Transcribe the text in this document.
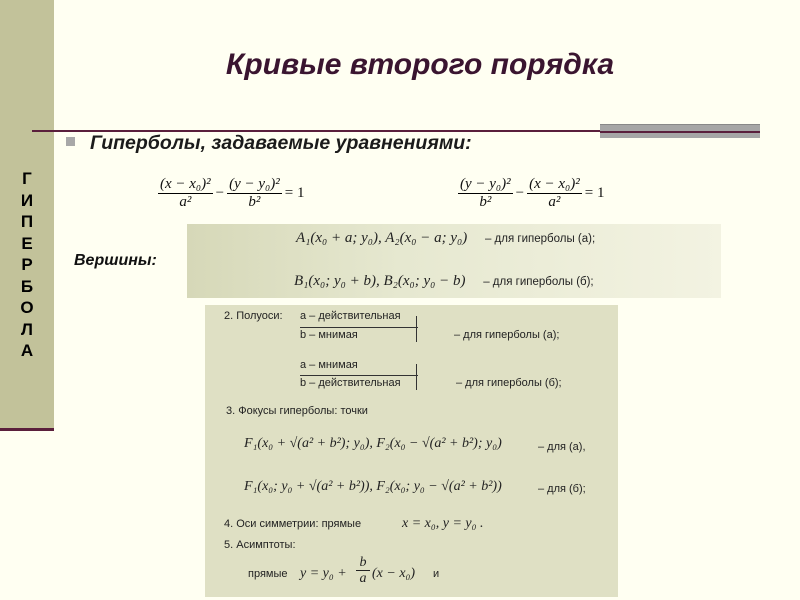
Г
И
П
Е
Р
Б
О
Л
А
Кривые второго порядка
Гиперболы, задаваемые уравнениями:
$\frac{\text{(x − x₀)²}}{\text{a²}} - \frac{\text{(y − y₀)²}}{\text{b²}} = 1$	$\frac{\text{(y − y₀)²}}{\text{b²}} - \frac{\text{(x − x₀)²}}{\text{a²}} = 1$
Вершины:
A₁(x₀ + a; y₀), A₂(x₀ − a; y₀) – для гиперболы (а);
B₁(x₀; y₀ + b), B₂(x₀; y₀ − b) – для гиперболы (б);
2. Полуоси: a – действительная
b – мнимая	– для гиперболы (а);
a – мнимая
b – действительная	– для гиперболы (б);
3. Фокусы гиперболы: точки
F₁(x₀ + √(a² + b²); y₀), F₂(x₀ − √(a² + b²); y₀)	– для (а),
F₁(x₀; y₀ + √(a² + b²)), F₂(x₀; y₀ − √(a² + b²))	– для (б);
4. Оси симметрии: прямые	x = x₀, y = y₀ .
5. Асимптоты:
прямые $y = y_0 + \frac{b}{a} (x - x_0)$ и
